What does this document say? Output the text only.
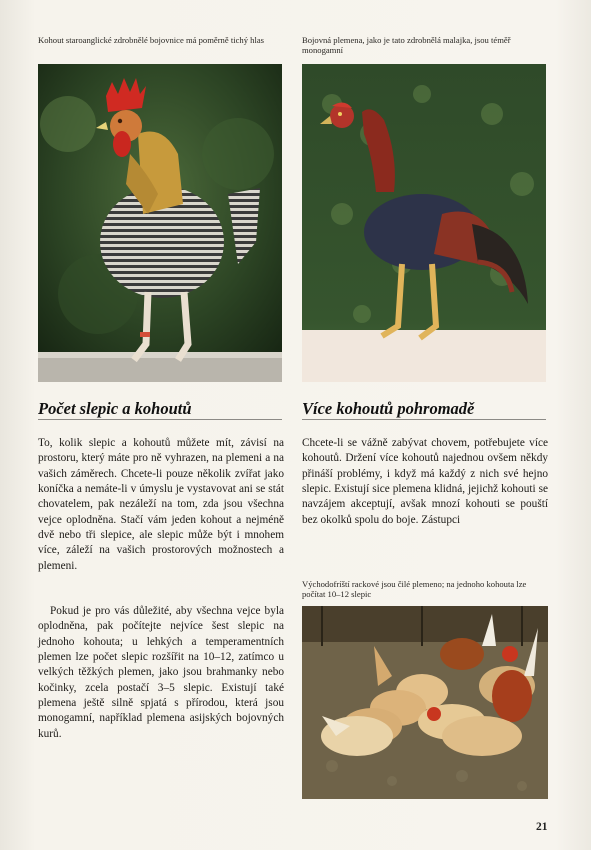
Kohout staroanglické zdrobnělé bojovnice má poměrně tichý hlas	Bojovná plemena, jako je tato zdrobnělá malajka, jsou téměř monogamní
Počet slepic a kohoutů	Více kohoutů pohromadě

To, kolik slepic a kohoutů můžete mít, závisí na prostoru, který máte pro ně vyhrazen, na plemeni a na vašich záměrech. Chcete-li pouze několik zvířat jako koníčka a nemáte-li v úmyslu je vystavovat ani se stát chovatelem, pak nezáleží na tom, zda jsou všechna vejce oplodněna. Stačí vám jeden kohout a nejméně dvě nebo tři slepice, ale slepic může být i mnohem více, záleží na vašich prostorových možnostech a plemeni.

Pokud je pro vás důležité, aby všechna vejce byla oplodněna, pak počítejte nejvíce šest slepic na jednoho kohouta; u lehkých a temperamentních plemen lze počet slepic rozšířit na 10–12, zatímco u velkých těžkých plemen, jako jsou brahmanky nebo kočinky, zcela postačí 3–5 slepic. Existují také plemena ještě silně spjatá s přírodou, která jsou monogamní, například plemena asijských bojovných kurů.

Chcete-li se vážně zabývat chovem, potřebujete více kohoutů. Držení více kohoutů najednou ovšem někdy přináší problémy, i když má každý z nich své hejno slepic. Existují sice plemena klidná, jejichž kohouti se navzájem akceptují, avšak mnozí kohouti se pouští bez okolků spolu do boje. Zástupci

Východofríští rackové jsou čilé plemeno; na jednoho kohouta lze počítat 10–12 slepic
21
